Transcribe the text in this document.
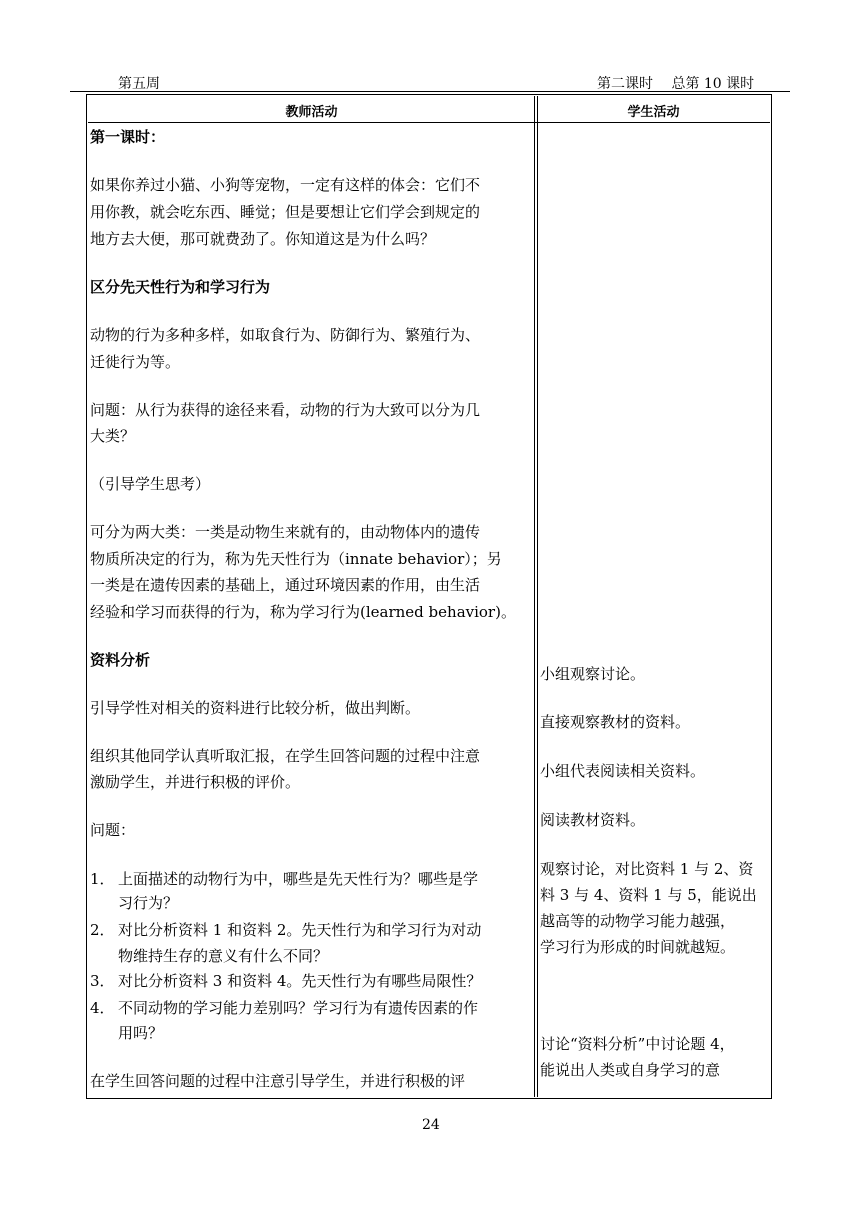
第五周	第二课时　 总第 10 课时
教师活动	学生活动
第一课时：
如果你养过小猫、小狗等宠物，一定有这样的体会：它们不
用你教，就会吃东西、睡觉；但是要想让它们学会到规定的
地方去大便，那可就费劲了。你知道这是为什么吗？
区分先天性行为和学习行为
动物的行为多种多样，如取食行为、防御行为、繁殖行为、
迁徙行为等。
问题：从行为获得的途径来看，动物的行为大致可以分为几
大类？
（引导学生思考）
可分为两大类：一类是动物生来就有的，由动物体内的遗传
物质所决定的行为，称为先天性行为（innate behavior）；另
一类是在遗传因素的基础上，通过环境因素的作用，由生活
经验和学习而获得的行为，称为学习行为(learned behavior)。
资料分析
引导学性对相关的资料进行比较分析，做出判断。
组织其他同学认真听取汇报，在学生回答问题的过程中注意
激励学生，并进行积极的评价。
问题：
1． 上面描述的动物行为中，哪些是先天性行为？哪些是学
习行为？
2． 对比分析资料 1 和资料 2。先天性行为和学习行为对动
物维持生存的意义有什么不同？
3． 对比分析资料 3 和资料 4。先天性行为有哪些局限性？
4． 不同动物的学习能力差别吗？学习行为有遗传因素的作
用吗？
在学生回答问题的过程中注意引导学生，并进行积极的评
小组观察讨论。
直接观察教材的资料。
小组代表阅读相关资料。
阅读教材资料。
观察讨论，对比资料 1 与 2、资
料 3 与 4、资料 1 与 5，能说出
越高等的动物学习能力越强，
学习行为形成的时间就越短。
讨论“资料分析”中讨论题 4，
能说出人类或自身学习的意
24
